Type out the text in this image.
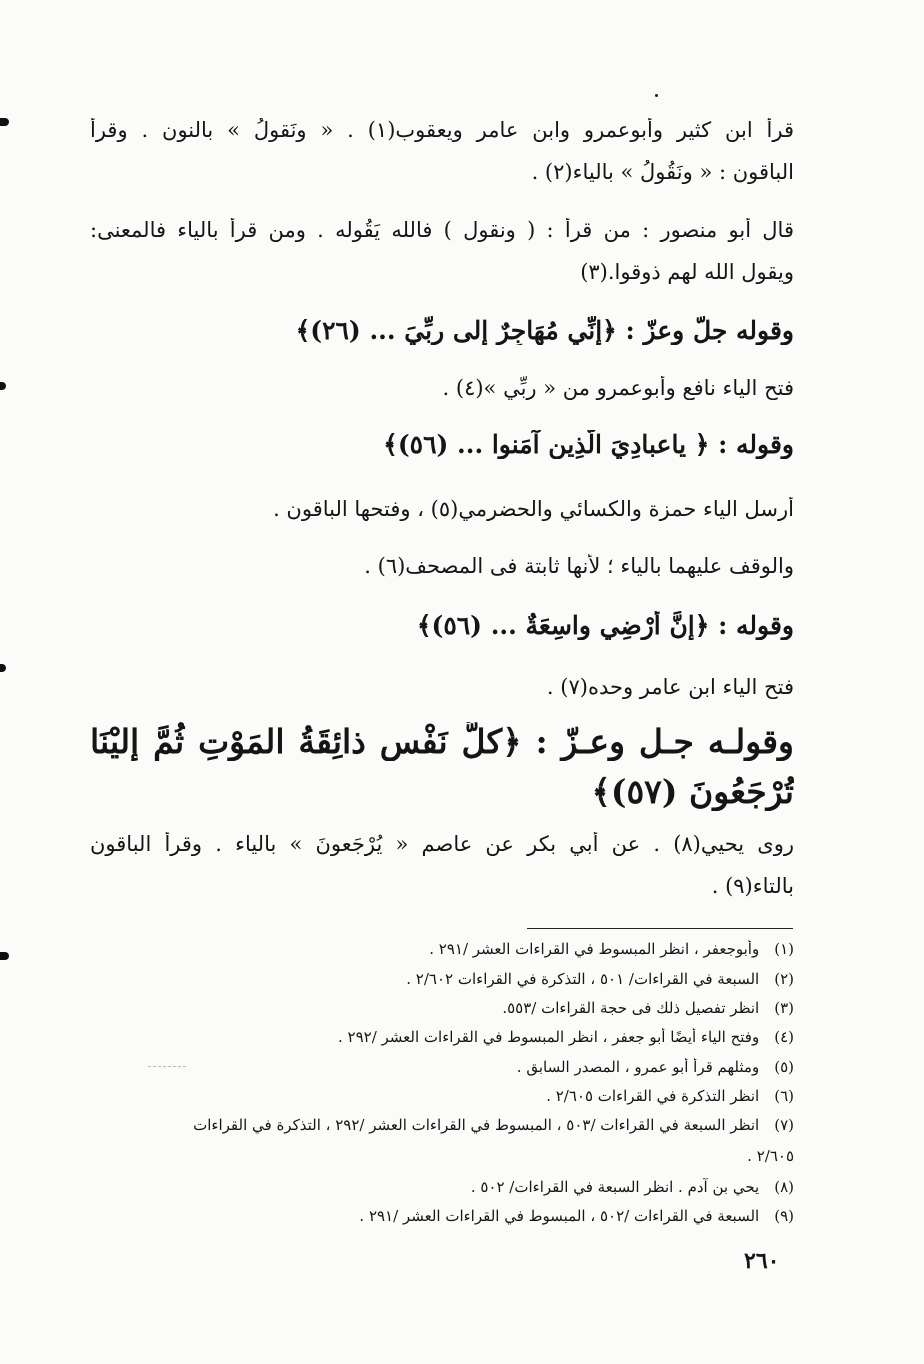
قرأ ابن كثير وأبوعمرو وابن عامر ويعقوب(١) . « ونَقولُ » بالنون . وقرأ
الباقون : « ونَقُولُ » بالياء(٢) .
قال أبو منصور : من قرأ : ( ونقول ) فالله يَقُوله . ومن قرأ بالياء فالمعنى:
ويقول الله لهم ذوقوا.(٣)
وقوله جلّ وعزّ : ﴿إنِّي مُهَاجِرٌ إلى ربِّيَ ... (٢٦)﴾
فتح الياء نافع وأبوعمرو من « ربِّي »(٤) .
وقوله : ﴿ ياعبادِيَ الَّذِين آمَنوا ... (٥٦)﴾
أرسل الياء حمزة والكسائي والحضرمي(٥) ، وفتحها الباقون .
والوقف عليهما بالياء ؛ لأنها ثابتة فى المصحف(٦) .
وقوله : ﴿إنَّ أرْضِي واسِعَةٌ ... (٥٦)﴾
فتح الياء ابن عامر وحده(٧) .
وقولـه جـل وعـزّ : ﴿كلُّ نَفْسٍ ذائِقَةُ المَوْتِ ثُمَّ إليْنَا
تُرْجَعُونَ (٥٧)﴾
روى يحيي(٨) . عن أبي بكر عن عاصم « يُرْجَعونَ » بالياء . وقرأ الباقون
بالتاء(٩) .
(١) وأبوجعفر ، انظر المبسوط في القراءات العشر /٢٩١ .
(٢) السبعة في القراءات/ ٥٠١ ، التذكرة في القراءات ٢/٦٠٢ .
(٣) انظر تفصيل ذلك فى حجة القراءات /٥٥٣.
(٤) وفتح الياء أيضًا أبو جعفر ، انظر المبسوط في القراءات العشر /٢٩٢ .
(٥) ومثلهم قرأ أبو عمرو ، المصدر السابق .
(٦) انظر التذكرة في القراءات ٢/٦٠٥ .
(٧) انظر السبعة في القراءات /٥٠٣ ، المبسوط في القراءات العشر /٢٩٢ ، التذكرة في القراءات
٢/٦٠٥ .
(٨) يحي بن آدم . انظر السبعة في القراءات/ ٥٠٢ .
(٩) السبعة في القراءات /٥٠٢ ، المبسوط في القراءات العشر /٢٩١ .
٢٦٠
